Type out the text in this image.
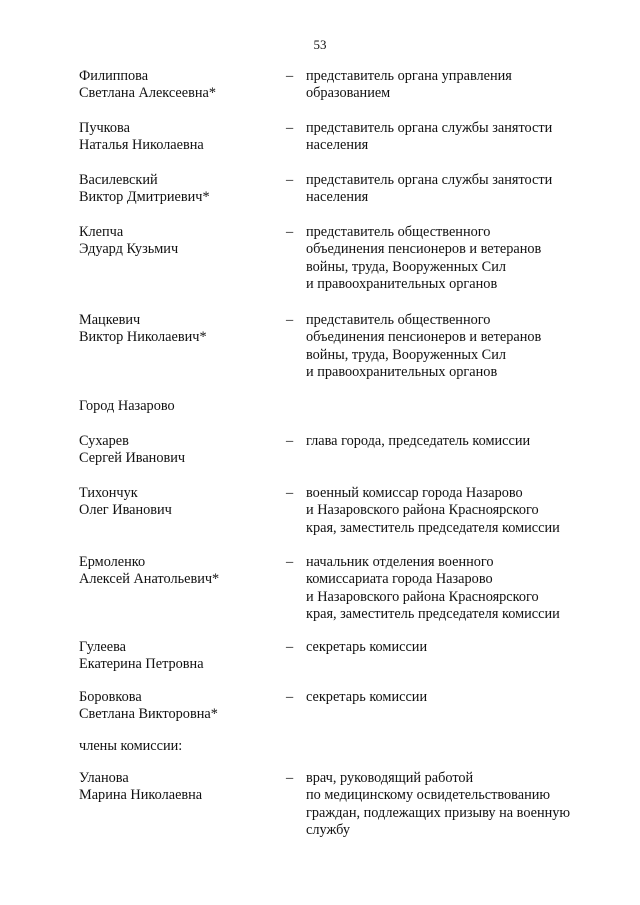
53
Филиппова
Светлана Алексеевна*
– представитель органа управления
образованием
Пучкова
Наталья Николаевна
– представитель органа службы занятости
населения
Василевский
Виктор Дмитриевич*
– представитель органа службы занятости
населения
Клепча
Эдуард Кузьмич
– представитель общественного
объединения пенсионеров и ветеранов
войны, труда, Вооруженных Сил
и правоохранительных органов
Мацкевич
Виктор Николаевич*
– представитель общественного
объединения пенсионеров и ветеранов
войны, труда, Вооруженных Сил
и правоохранительных органов
Город Назарово
Сухарев
Сергей Иванович
– глава города, председатель комиссии
Тихончук
Олег Иванович
– военный комиссар города Назарово
и Назаровского района Красноярского
края, заместитель председателя комиссии
Ермоленко
Алексей Анатольевич*
– начальник отделения военного
комиссариата города Назарово
и Назаровского района Красноярского
края, заместитель председателя комиссии
Гулеева
Екатерина Петровна
– секретарь комиссии
Боровкова
Светлана Викторовна*
– секретарь комиссии
члены комиссии:
Уланова
Марина Николаевна
– врач, руководящий работой
по медицинскому освидетельствованию
граждан, подлежащих призыву на военную
службу
